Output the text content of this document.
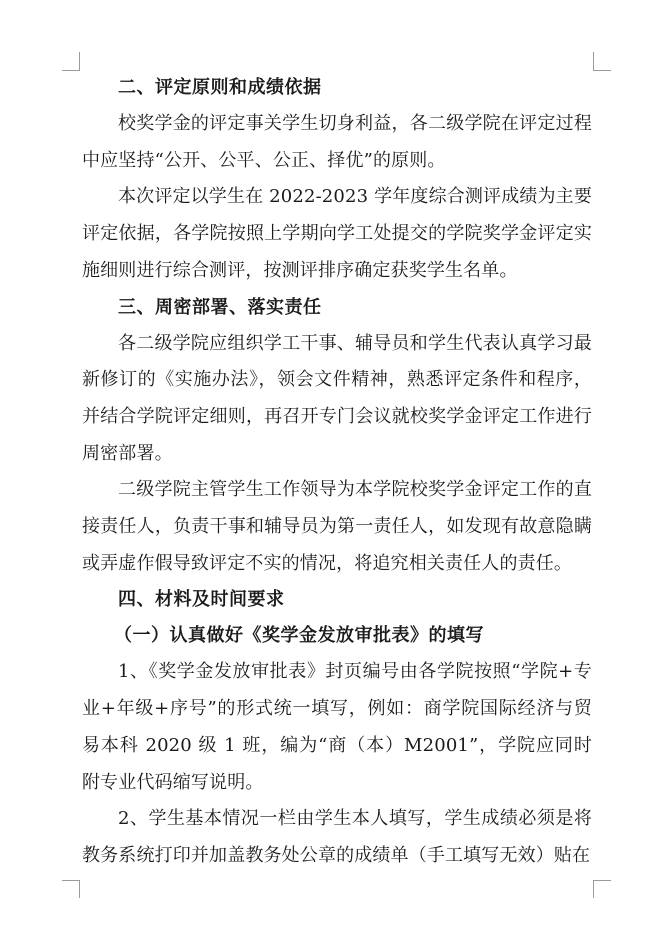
二、评定原则和成绩依据

校奖学金的评定事关学生切身利益，各二级学院在评定过程中应坚持“公开、公平、公正、择优”的原则。

本次评定以学生在 2022-2023 学年度综合测评成绩为主要评定依据，各学院按照上学期向学工处提交的学院奖学金评定实施细则进行综合测评，按测评排序确定获奖学生名单。

三、周密部署、落实责任

各二级学院应组织学工干事、辅导员和学生代表认真学习最新修订的《实施办法》，领会文件精神，熟悉评定条件和程序，并结合学院评定细则，再召开专门会议就校奖学金评定工作进行周密部署。

二级学院主管学生工作领导为本学院校奖学金评定工作的直接责任人，负责干事和辅导员为第一责任人，如发现有故意隐瞒或弄虚作假导致评定不实的情况，将追究相关责任人的责任。

四、材料及时间要求
（一）认真做好《奖学金发放审批表》的填写

1、《奖学金发放审批表》封页编号由各学院按照“学院+专业+年级+序号”的形式统一填写，例如：商学院国际经济与贸易本科 2020 级 1 班，编为“商（本）M2001”，学院应同时附专业代码缩写说明。

2、学生基本情况一栏由学生本人填写，学生成绩必须是将教务系统打印并加盖教务处公章的成绩单（手工填写无效）贴在
